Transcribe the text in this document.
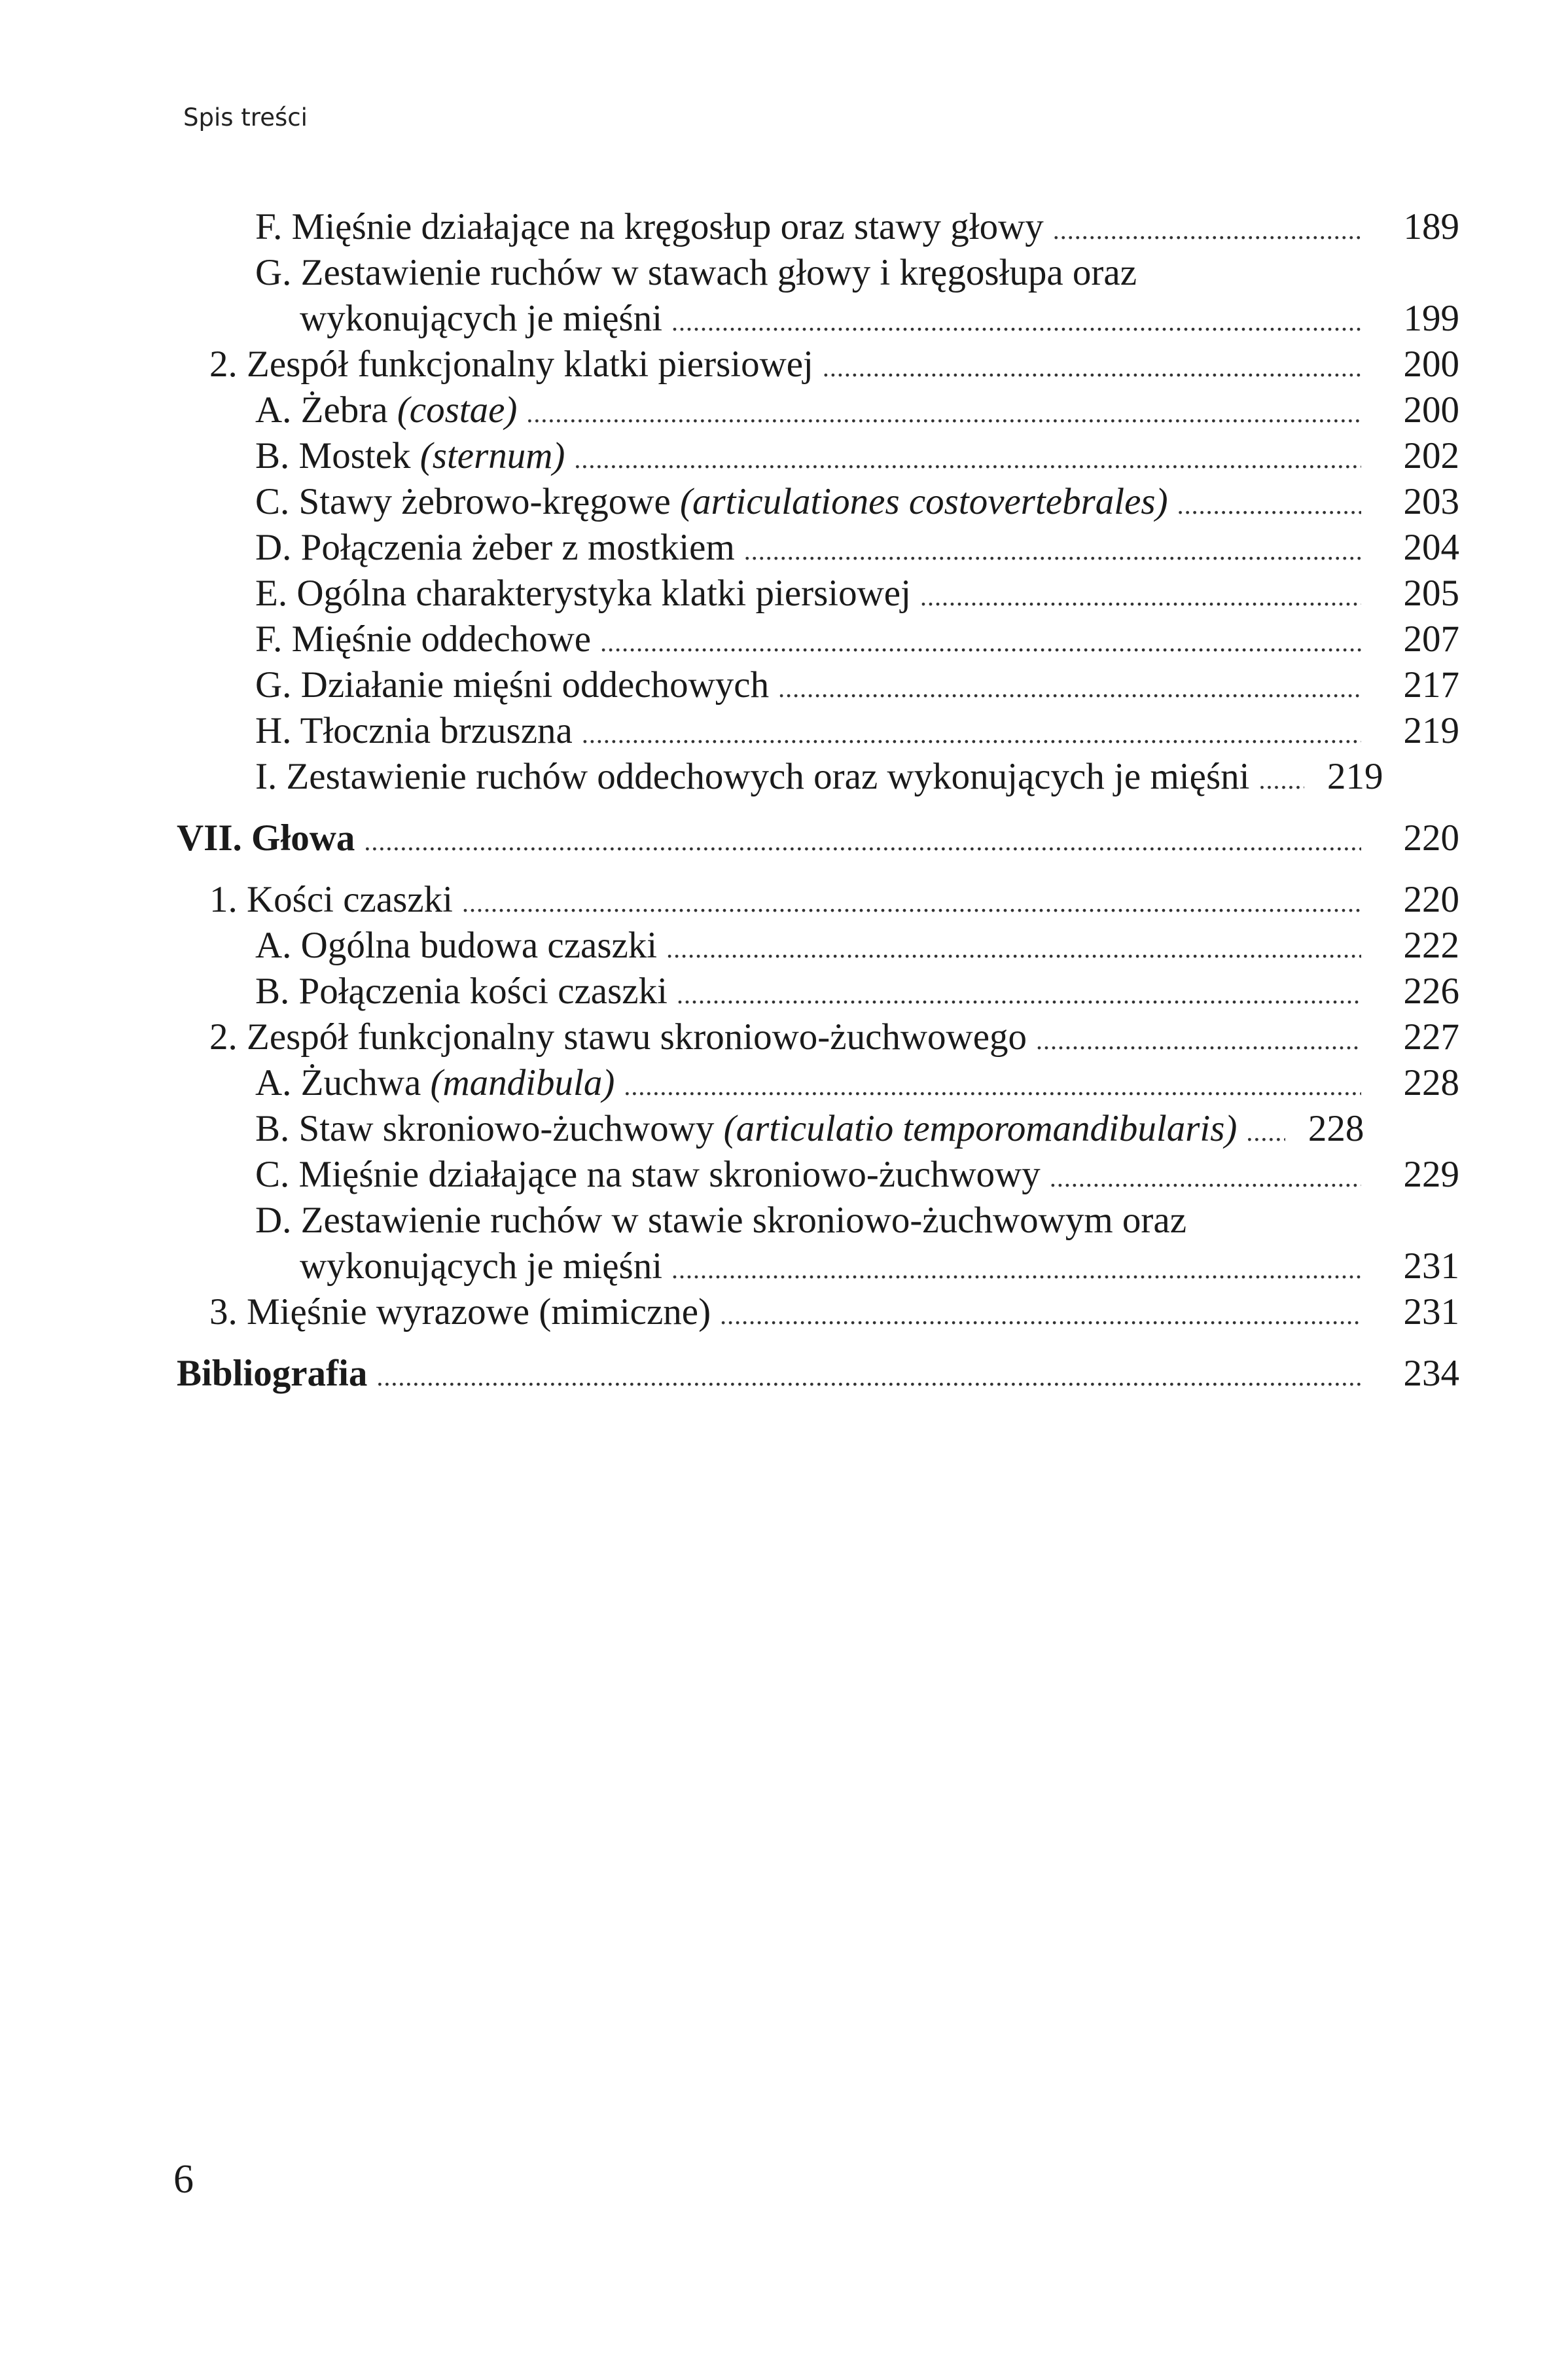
Spis treści
F. Mięśnie działające na kręgosłup oraz stawy głowy .....	189
G. Zestawienie ruchów w stawach głowy i kręgosłupa oraz
wykonujących je mięśni .....	199
2. Zespół funkcjonalny klatki piersiowej .....	200
A. Żebra (costae) .....	200
B. Mostek (sternum) .....	202
C. Stawy żebrowo-kręgowe (articulationes costovertebrales) .....	203
D. Połączenia żeber z mostkiem .....	204
E. Ogólna charakterystyka klatki piersiowej .....	205
F. Mięśnie oddechowe .....	207
G. Działanie mięśni oddechowych .....	217
H. Tłocznia brzuszna .....	219
I. Zestawienie ruchów oddechowych oraz wykonujących je mięśni .....	219
VII. Głowa .....	220
1. Kości czaszki .....	220
A. Ogólna budowa czaszki .....	222
B. Połączenia kości czaszki .....	226
2. Zespół funkcjonalny stawu skroniowo-żuchwowego .....	227
A. Żuchwa (mandibula) .....	228
B. Staw skroniowo-żuchwowy (articulatio temporomandibularis) .....	228
C. Mięśnie działające na staw skroniowo-żuchwowy .....	229
D. Zestawienie ruchów w stawie skroniowo-żuchwowym oraz
wykonujących je mięśni .....	231
3. Mięśnie wyrazowe (mimiczne) .....	231
Bibliografia .....	234
6
